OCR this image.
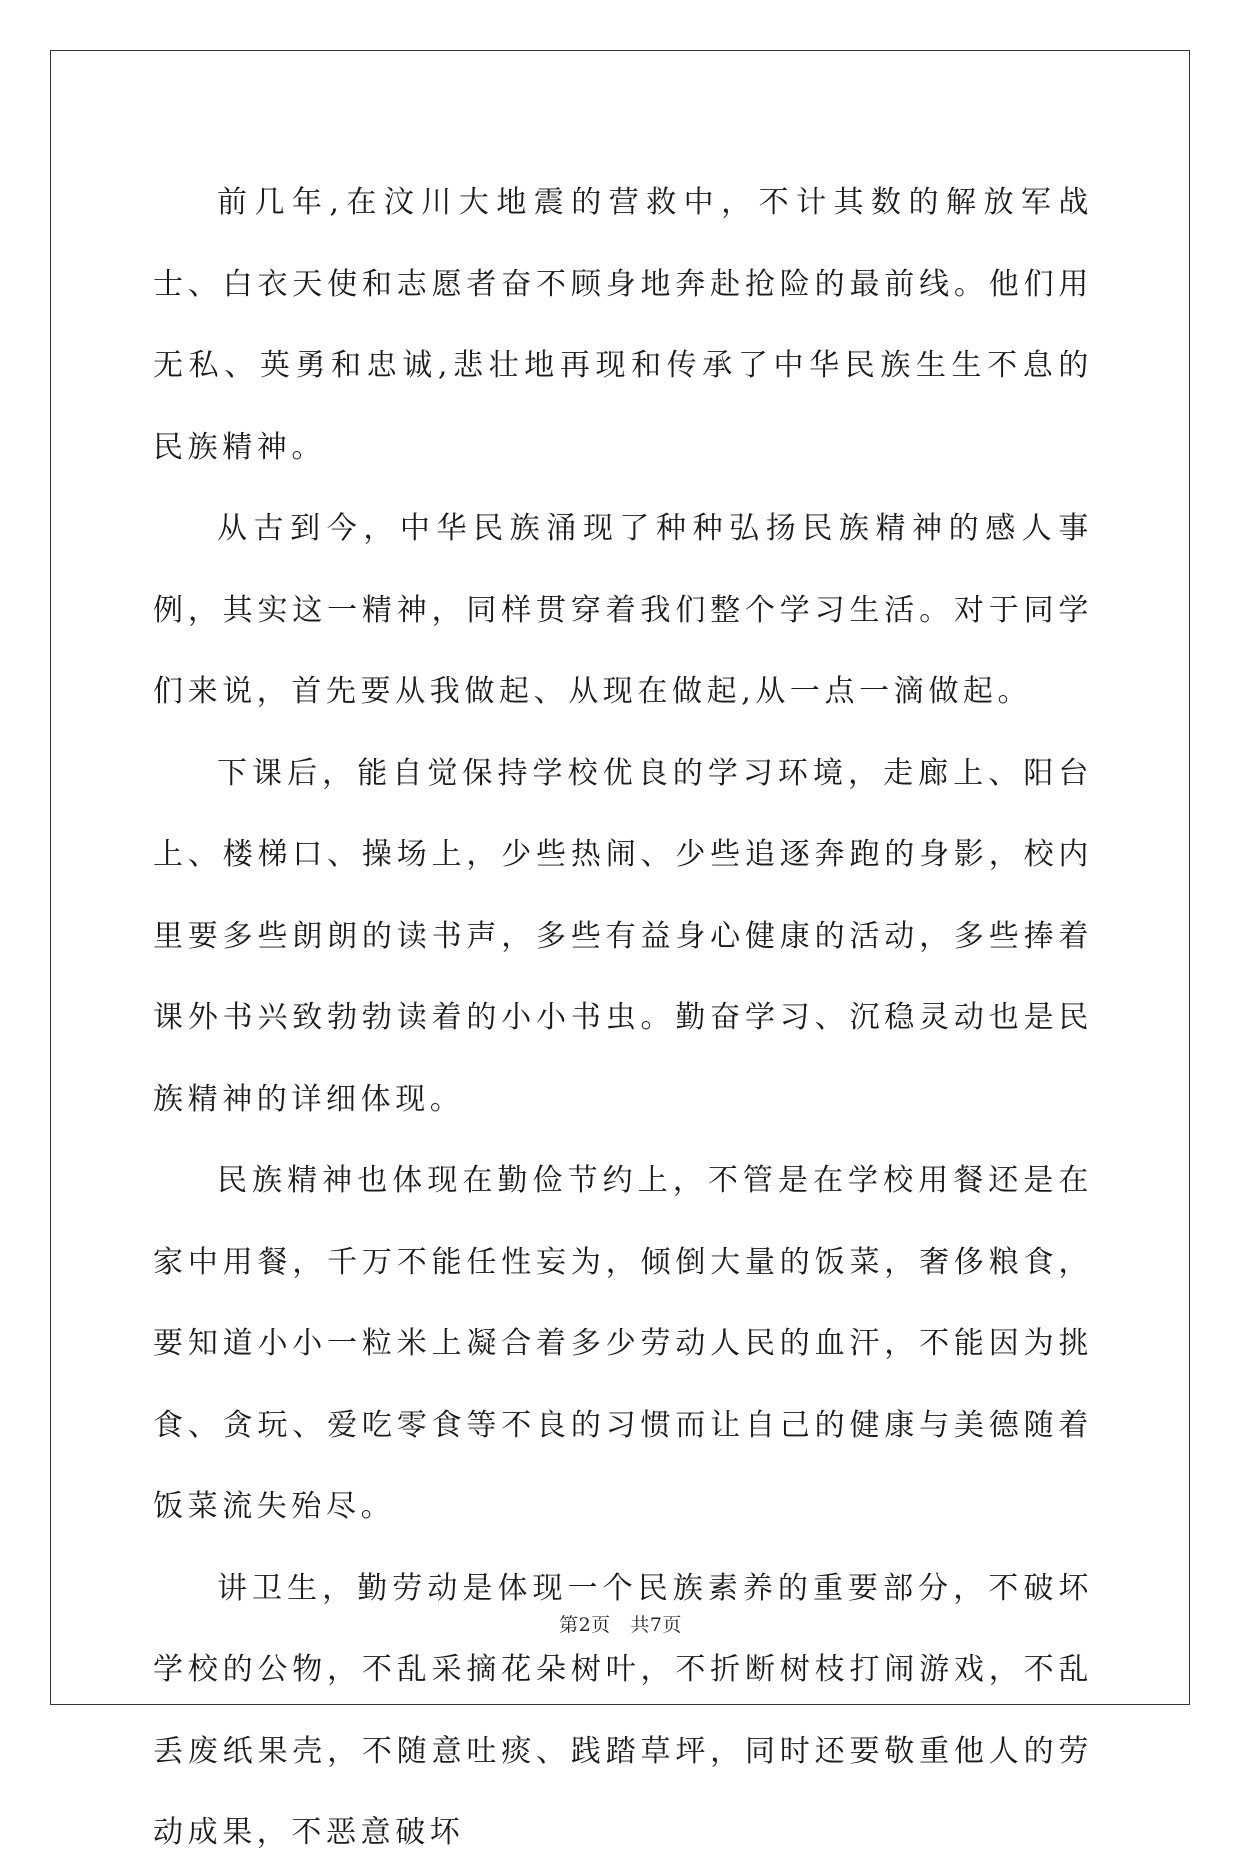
前几年,在汶川大地震的营救中，不计其数的解放军战士、白衣天使和志愿者奋不顾身地奔赴抢险的最前线。他们用无私、英勇和忠诚,悲壮地再现和传承了中华民族生生不息的民族精神。

从古到今，中华民族涌现了种种弘扬民族精神的感人事例，其实这一精神，同样贯穿着我们整个学习生活。对于同学们来说，首先要从我做起、从现在做起,从一点一滴做起。

下课后，能自觉保持学校优良的学习环境，走廊上、阳台上、楼梯口、操场上，少些热闹、少些追逐奔跑的身影，校内里要多些朗朗的读书声，多些有益身心健康的活动，多些捧着课外书兴致勃勃读着的小小书虫。勤奋学习、沉稳灵动也是民族精神的详细体现。

民族精神也体现在勤俭节约上，不管是在学校用餐还是在家中用餐，千万不能任性妄为，倾倒大量的饭菜，奢侈粮食，要知道小小一粒米上凝合着多少劳动人民的血汗，不能因为挑食、贪玩、爱吃零食等不良的习惯而让自己的健康与美德随着饭菜流失殆尽。

讲卫生，勤劳动是体现一个民族素养的重要部分，不破坏学校的公物，不乱采摘花朵树叶，不折断树枝打闹游戏，不乱丢废纸果壳，不随意吐痰、践踏草坪，同时还要敬重他人的劳动成果，不恶意破坏

第2页 共7页
